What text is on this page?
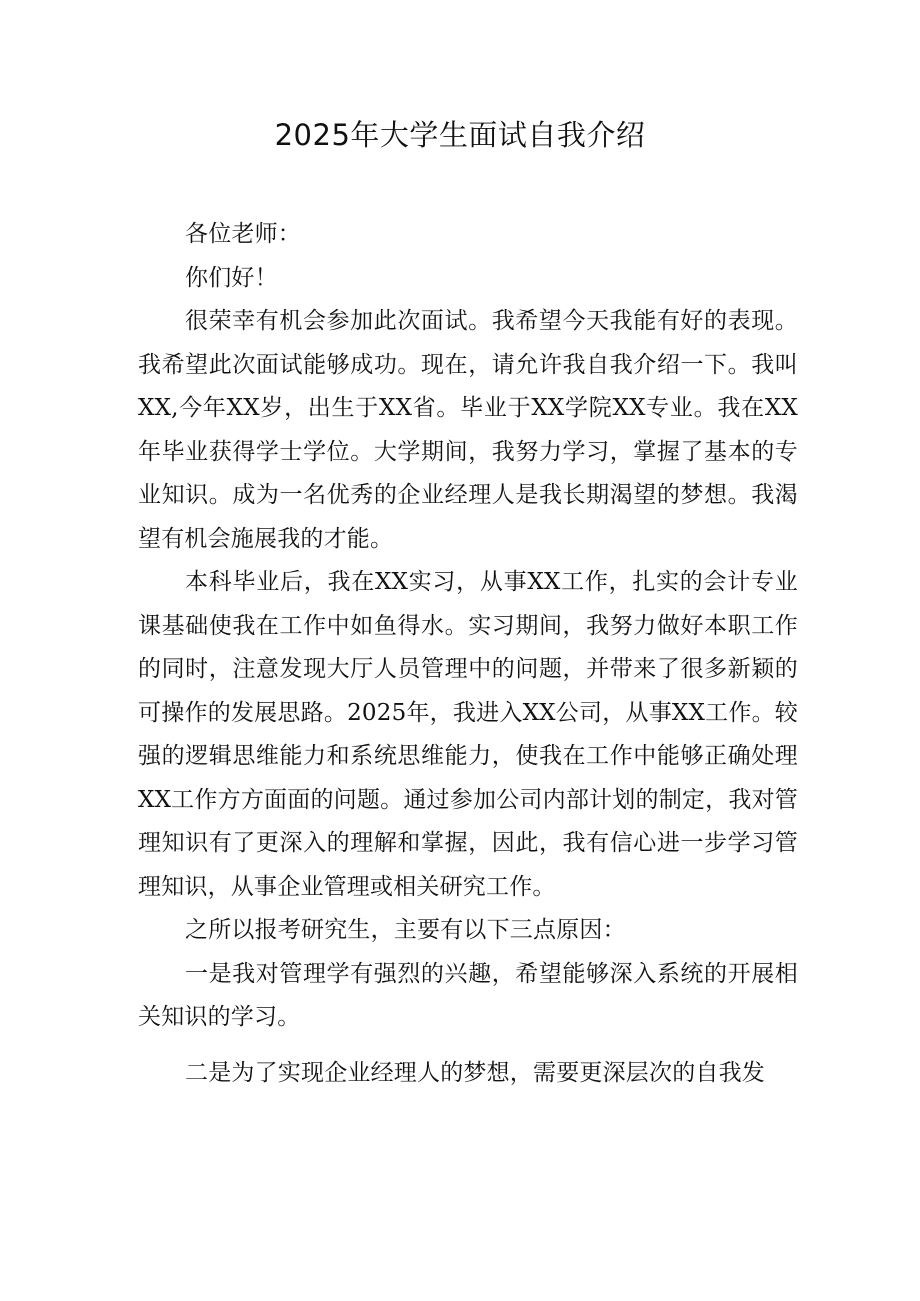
2025年大学生面试自我介绍

各位老师：

你们好！

很荣幸有机会参加此次面试。我希望今天我能有好的表现。我希望此次面试能够成功。现在，请允许我自我介绍一下。我叫XX,今年XX岁，出生于XX省。毕业于XX学院XX专业。我在XX年毕业获得学士学位。大学期间，我努力学习，掌握了基本的专业知识。成为一名优秀的企业经理人是我长期渴望的梦想。我渴望有机会施展我的才能。

本科毕业后，我在XX实习，从事XX工作，扎实的会计专业课基础使我在工作中如鱼得水。实习期间，我努力做好本职工作的同时，注意发现大厅人员管理中的问题，并带来了很多新颖的可操作的发展思路。2025年，我进入XX公司，从事XX工作。较强的逻辑思维能力和系统思维能力，使我在工作中能够正确处理XX工作方方面面的问题。通过参加公司内部计划的制定，我对管理知识有了更深入的理解和掌握，因此，我有信心进一步学习管理知识，从事企业管理或相关研究工作。

之所以报考研究生，主要有以下三点原因：

一是我对管理学有强烈的兴趣，希望能够深入系统的开展相关知识的学习。

二是为了实现企业经理人的梦想，需要更深层次的自我发
